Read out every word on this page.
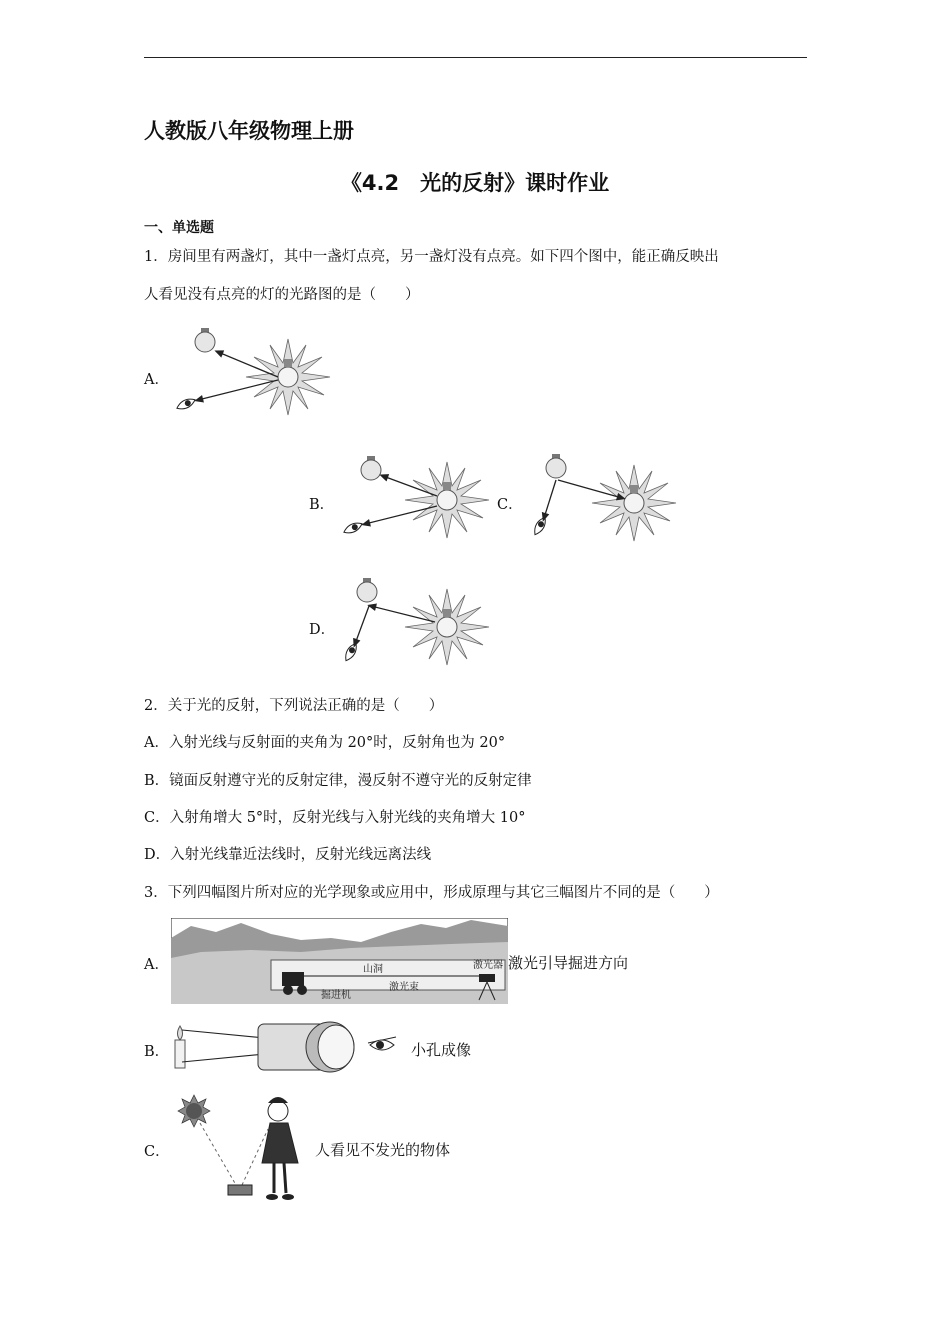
人教版八年级物理上册
《4.2　光的反射》课时作业
一、单选题
1．房间里有两盏灯，其中一盏灯点亮，另一盏灯没有点亮。如下四个图中，能正确反映出
人看见没有点亮的灯的光路图的是（　　）
A．
B．	C．
D．
2．关于光的反射，下列说法正确的是（　　）
A．入射光线与反射面的夹角为 20°时，反射角也为 20°
B．镜面反射遵守光的反射定律，漫反射不遵守光的反射定律
C．入射角增大 5°时，反射光线与入射光线的夹角增大 10°
D．入射光线靠近法线时，反射光线远离法线
3．下列四幅图片所对应的光学现象或应用中，形成原理与其它三幅图片不同的是（　　）
A．	山洞	激光器
掘进机
激光束
激光引导掘进方向
B．	小孔成像
C．	人看见不发光的物体
